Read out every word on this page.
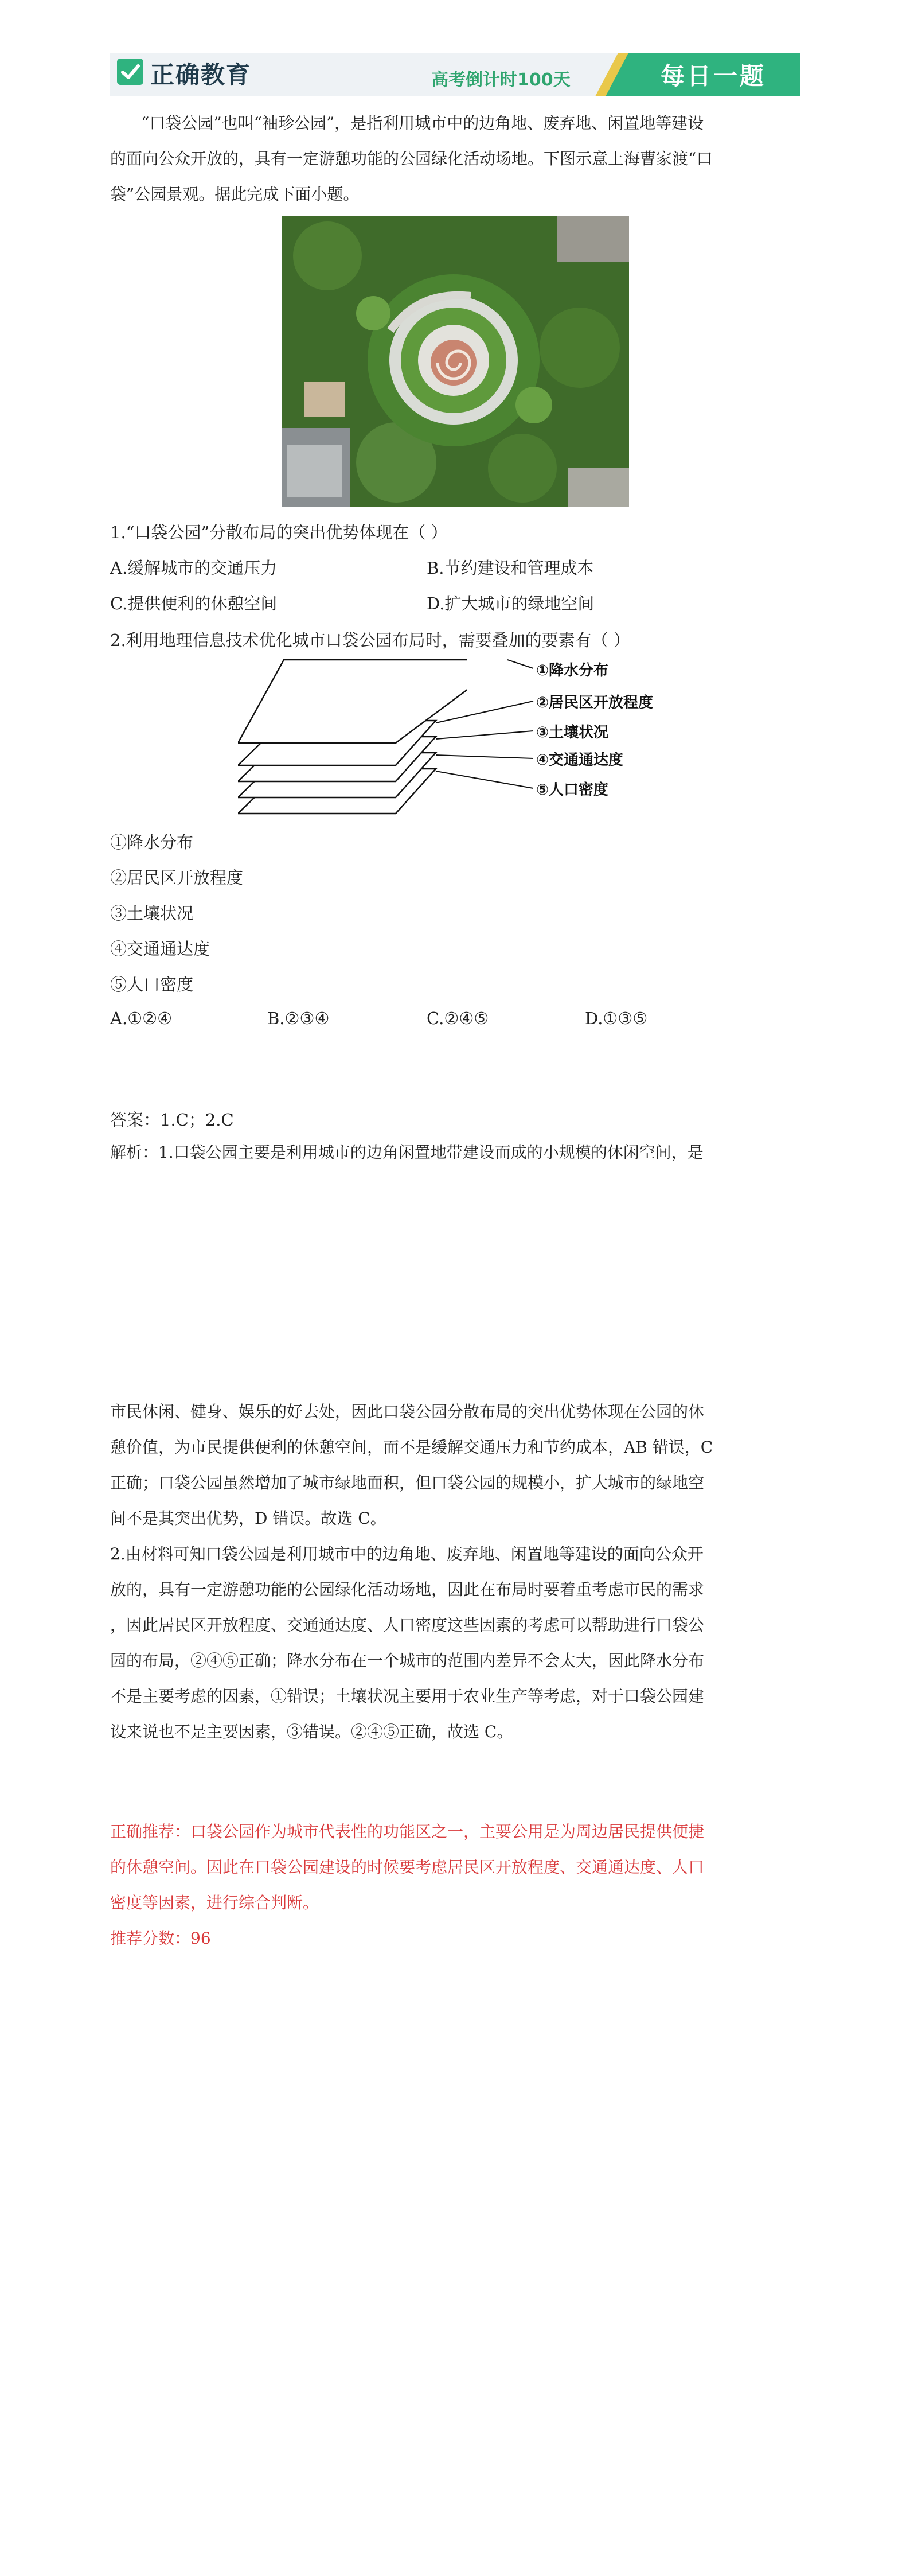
正确教育	高考倒计时100天	每日一题
“口袋公园”也叫“袖珍公园”，是指利用城市中的边角地、废弃地、闲置地等建设
的面向公众开放的，具有一定游憩功能的公园绿化活动场地。下图示意上海曹家渡“口
袋”公园景观。据此完成下面小题。
1.“口袋公园”分散布局的突出优势体现在（ ）
A.缓解城市的交通压力	B.节约建设和管理成本
C.提供便利的休憩空间	D.扩大城市的绿地空间
2.利用地理信息技术优化城市口袋公园布局时，需要叠加的要素有（ ）
①降水分布
②居民区开放程度
③土壤状况
④交通通达度
⑤人口密度
①降水分布
②居民区开放程度
③土壤状况
④交通通达度
⑤人口密度
A.①②④	B.②③④	C.②④⑤	D.①③⑤
答案：1.C；2.C
解析：1.口袋公园主要是利用城市的边角闲置地带建设而成的小规模的休闲空间，是
市民休闲、健身、娱乐的好去处，因此口袋公园分散布局的突出优势体现在公园的休
憩价值，为市民提供便利的休憩空间，而不是缓解交通压力和节约成本，AB 错误，C
正确；口袋公园虽然增加了城市绿地面积，但口袋公园的规模小，扩大城市的绿地空
间不是其突出优势，D 错误。故选 C。
2.由材料可知口袋公园是利用城市中的边角地、废弃地、闲置地等建设的面向公众开
放的，具有一定游憩功能的公园绿化活动场地，因此在布局时要着重考虑市民的需求
，因此居民区开放程度、交通通达度、人口密度这些因素的考虑可以帮助进行口袋公
园的布局，②④⑤正确；降水分布在一个城市的范围内差异不会太大，因此降水分布
不是主要考虑的因素，①错误；土壤状况主要用于农业生产等考虑，对于口袋公园建
设来说也不是主要因素，③错误。②④⑤正确，故选 C。
正确推荐：口袋公园作为城市代表性的功能区之一，主要公用是为周边居民提供便捷
的休憩空间。因此在口袋公园建设的时候要考虑居民区开放程度、交通通达度、人口
密度等因素，进行综合判断。
推荐分数：96
